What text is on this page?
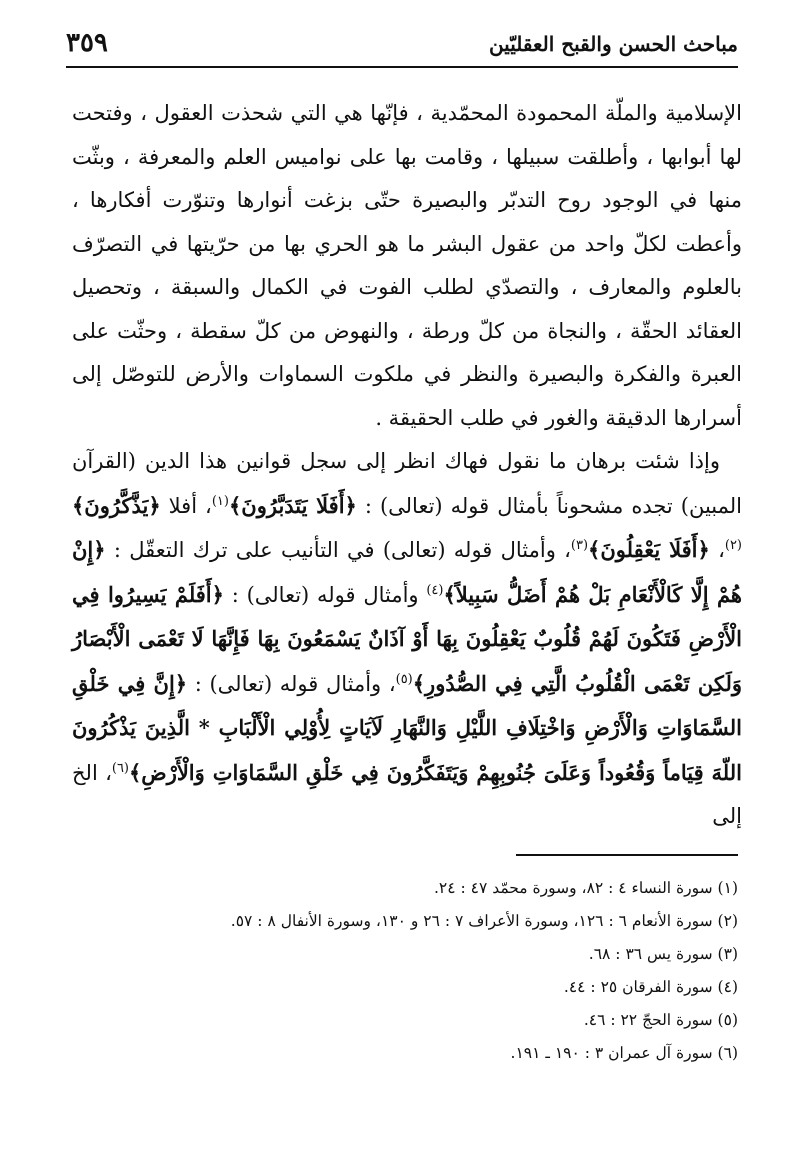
مباحث الحسن والقبح العقليّين
٣٥٩

الإسلامية والملّة المحمودة المحمّدية ، فإنّها هي التي شحذت العقول ، وفتحت لها أبوابها ، وأطلقت سبيلها ، وقامت بها على نواميس العلم والمعرفة ، وبثّت منها في الوجود روح التدبّر والبصيرة حتّى بزغت أنوارها وتنوّرت أفكارها ، وأعطت لكلّ واحد من عقول البشر ما هو الحري بها من حرّيتها في التصرّف بالعلوم والمعارف ، والتصدّي لطلب الفوت في الكمال والسبقة ، وتحصيل العقائد الحقّة ، والنجاة من كلّ ورطة ، والنهوض من كلّ سقطة ، وحثّت على العبرة والفكرة والبصيرة والنظر في ملكوت السماوات والأرض للتوصّل إلى أسرارها الدقيقة والغور في طلب الحقيقة .

وإذا شئت برهان ما نقول فهاك انظر إلى سجل قوانين هذا الدين (القرآن المبين) تجده مشحوناً بأمثال قوله (تعالى) : ﴿أَفَلَا يَتَدَبَّرُونَ﴾$^{(١)}$، أفلا ﴿يَذَّكَّرُونَ﴾$^{(٢)}$، ﴿أَفَلَا يَعْقِلُونَ﴾$^{(٣)}$، وأمثال قوله (تعالى) في التأنيب على ترك التعقّل : ﴿إِنْ هُمْ إِلَّا كَالْأَنْعَامِ بَلْ هُمْ أَضَلُّ سَبِيلاً﴾$^{(٤)}$ وأمثال قوله (تعالى) : ﴿أَفَلَمْ يَسِيرُوا فِي الْأَرْضِ فَتَكُونَ لَهُمْ قُلُوبٌ يَعْقِلُونَ بِهَا أَوْ آذَانٌ يَسْمَعُونَ بِهَا فَإِنَّهَا لَا تَعْمَى الْأَبْصَارُ وَلَكِن تَعْمَى الْقُلُوبُ الَّتِي فِي الصُّدُورِ﴾$^{(٥)}$، وأمثال قوله (تعالى) : ﴿إِنَّ فِي خَلْقِ السَّمَاوَاتِ وَالْأَرْضِ وَاخْتِلَافِ اللَّيْلِ وَالنَّهَارِ لَآيَاتٍ لِأُوْلِي الْأَلْبَابِ * الَّذِينَ يَذْكُرُونَ اللّهَ قِيَاماً وَقُعُوداً وَعَلَىَ جُنُوبِهِمْ وَيَتَفَكَّرُونَ فِي خَلْقِ السَّمَاوَاتِ وَالْأَرْضِ﴾$^{(٦)}$، الخ إلى

(١) سورة النساء ٤ : ٨٢، وسورة محمّد ٤٧ : ٢٤.
(٢) سورة الأنعام ٦ : ١٢٦، وسورة الأعراف ٧ : ٢٦ و ١٣٠، وسورة الأنفال ٨ : ٥٧.
(٣) سورة يس ٣٦ : ٦٨.
(٤) سورة الفرقان ٢٥ : ٤٤.
(٥) سورة الحجّ ٢٢ : ٤٦.
(٦) سورة آل عمران ٣ : ١٩٠ ـ ١٩١.
